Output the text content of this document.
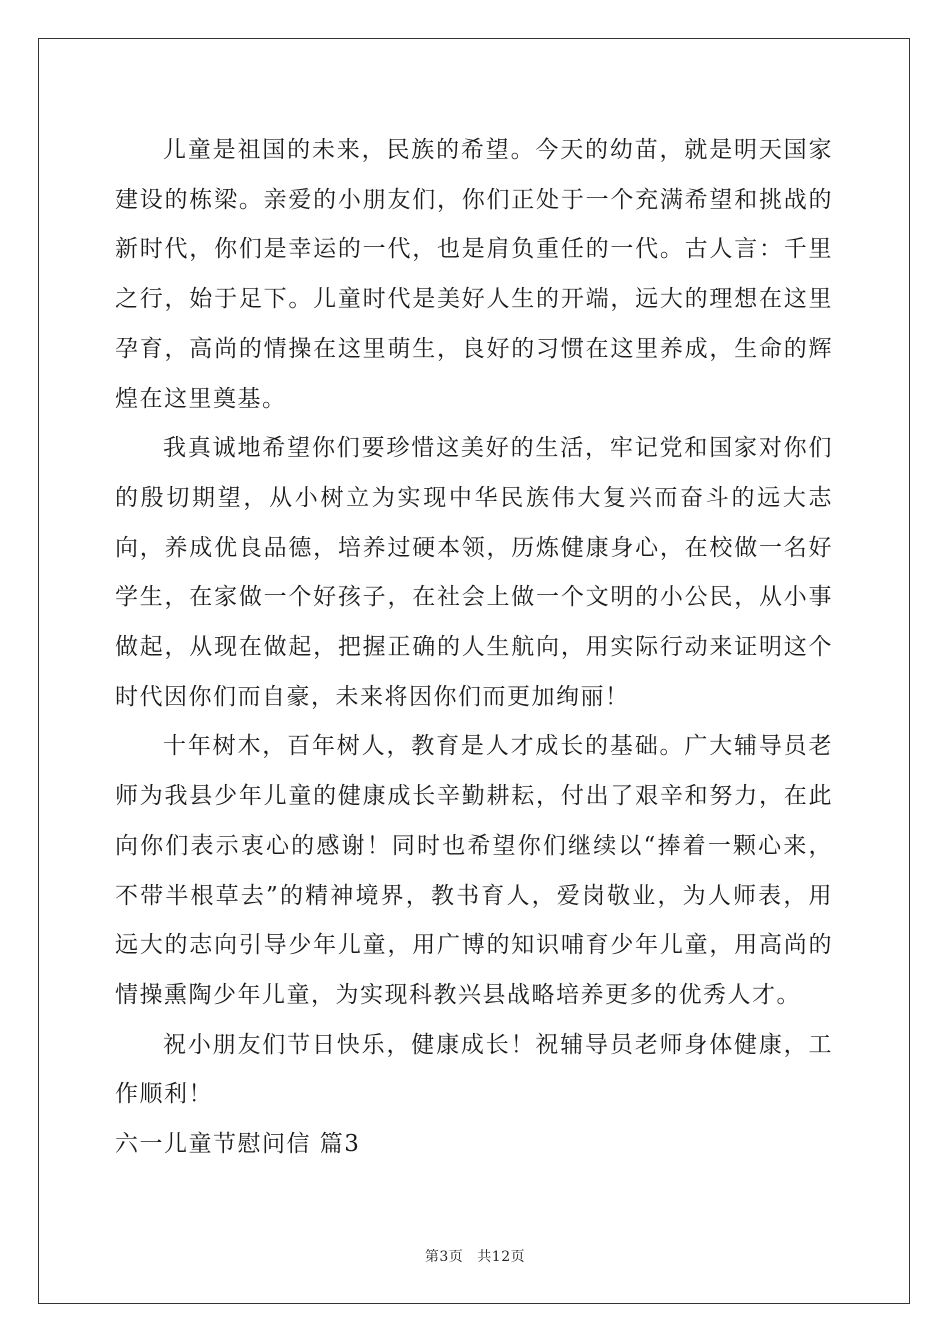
儿童是祖国的未来，民族的希望。今天的幼苗，就是明天国家建设的栋梁。亲爱的小朋友们，你们正处于一个充满希望和挑战的新时代，你们是幸运的一代，也是肩负重任的一代。古人言：千里之行，始于足下。儿童时代是美好人生的开端，远大的理想在这里孕育，高尚的情操在这里萌生，良好的习惯在这里养成，生命的辉煌在这里奠基。

我真诚地希望你们要珍惜这美好的生活，牢记党和国家对你们的殷切期望，从小树立为实现中华民族伟大复兴而奋斗的远大志向，养成优良品德，培养过硬本领，历炼健康身心，在校做一名好学生，在家做一个好孩子，在社会上做一个文明的小公民，从小事做起，从现在做起，把握正确的人生航向，用实际行动来证明这个时代因你们而自豪，未来将因你们而更加绚丽！

十年树木，百年树人，教育是人才成长的基础。广大辅导员老师为我县少年儿童的健康成长辛勤耕耘，付出了艰辛和努力，在此向你们表示衷心的感谢！同时也希望你们继续以“捧着一颗心来，不带半根草去”的精神境界，教书育人，爱岗敬业，为人师表，用远大的志向引导少年儿童，用广博的知识哺育少年儿童，用高尚的情操熏陶少年儿童，为实现科教兴县战略培养更多的优秀人才。

祝小朋友们节日快乐，健康成长！祝辅导员老师身体健康，工作顺利！

六一儿童节慰问信 篇3
第3页 共12页
